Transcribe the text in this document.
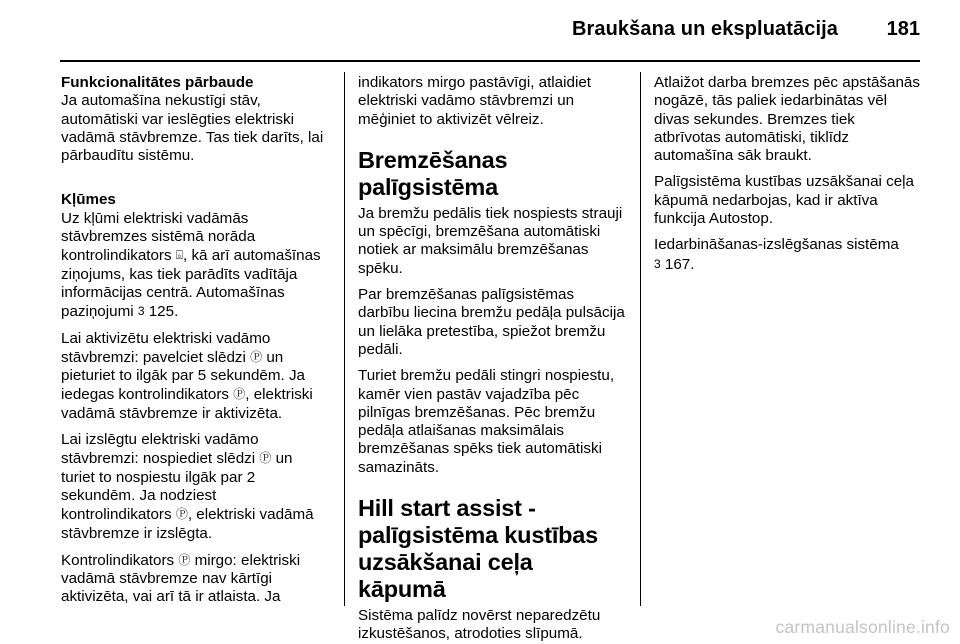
Braukšana un ekspluatācija 181
Funkcionalitātes pārbaude

Ja automašīna nekustīgi stāv, automātiski var ieslēgties elektriski vadāmā stāvbremze. Tas tiek darīts, lai pārbaudītu sistēmu.

Kļūmes

Uz kļūmi elektriski vadāmās stāvbremzes sistēmā norāda kontrolindikators ⌻, kā arī automašīnas ziņojums, kas tiek parādīts vadītāja informācijas centrā. Automašīnas paziņojumi 3 125.

Lai aktivizētu elektriski vadāmo stāvbremzi: pavelciet slēdzi Ⓟ un pieturiet to ilgāk par 5 sekundēm. Ja iedegas kontrolindikators Ⓟ, elektriski vadāmā stāvbremze ir aktivizēta.

Lai izslēgtu elektriski vadāmo stāvbremzi: nospiediet slēdzi Ⓟ un turiet to nospiestu ilgāk par 2 sekundēm. Ja nodziest kontrolindikators Ⓟ, elektriski vadāmā stāvbremze ir izslēgta.

Kontrolindikators Ⓟ mirgo: elektriski vadāmā stāvbremze nav kārtīgi aktivizēta, vai arī tā ir atlaista. Ja

indikators mirgo pastāvīgi, atlaidiet elektriski vadāmo stāvbremzi un mēģiniet to aktivizēt vēlreiz.

Bremzēšanas palīgsistēma

Ja bremžu pedālis tiek nospiests strauji un spēcīgi, bremzēšana automātiski notiek ar maksimālu bremzēšanas spēku.

Par bremzēšanas palīgsistēmas darbību liecina bremžu pedāļa pulsācija un lielāka pretestība, spiežot bremžu pedāli.

Turiet bremžu pedāli stingri nospiestu, kamēr vien pastāv vajadzība pēc pilnīgas bremzēšanas. Pēc bremžu pedāļa atlaišanas maksimālais bremzēšanas spēks tiek automātiski samazināts.

Hill start assist - palīgsistēma kustības uzsākšanai ceļa kāpumā

Sistēma palīdz novērst neparedzētu izkustēšanos, atrodoties slīpumā.

Atlaižot darba bremzes pēc apstāšanās nogāzē, tās paliek iedarbinātas vēl divas sekundes. Bremzes tiek atbrīvotas automātiski, tiklīdz automašīna sāk braukt.

Palīgsistēma kustības uzsākšanai ceļa kāpumā nedarbojas, kad ir aktīva funkcija Autostop.

Iedarbināšanas-izslēgšanas sistēma
3 167.

carmanualsonline.info
